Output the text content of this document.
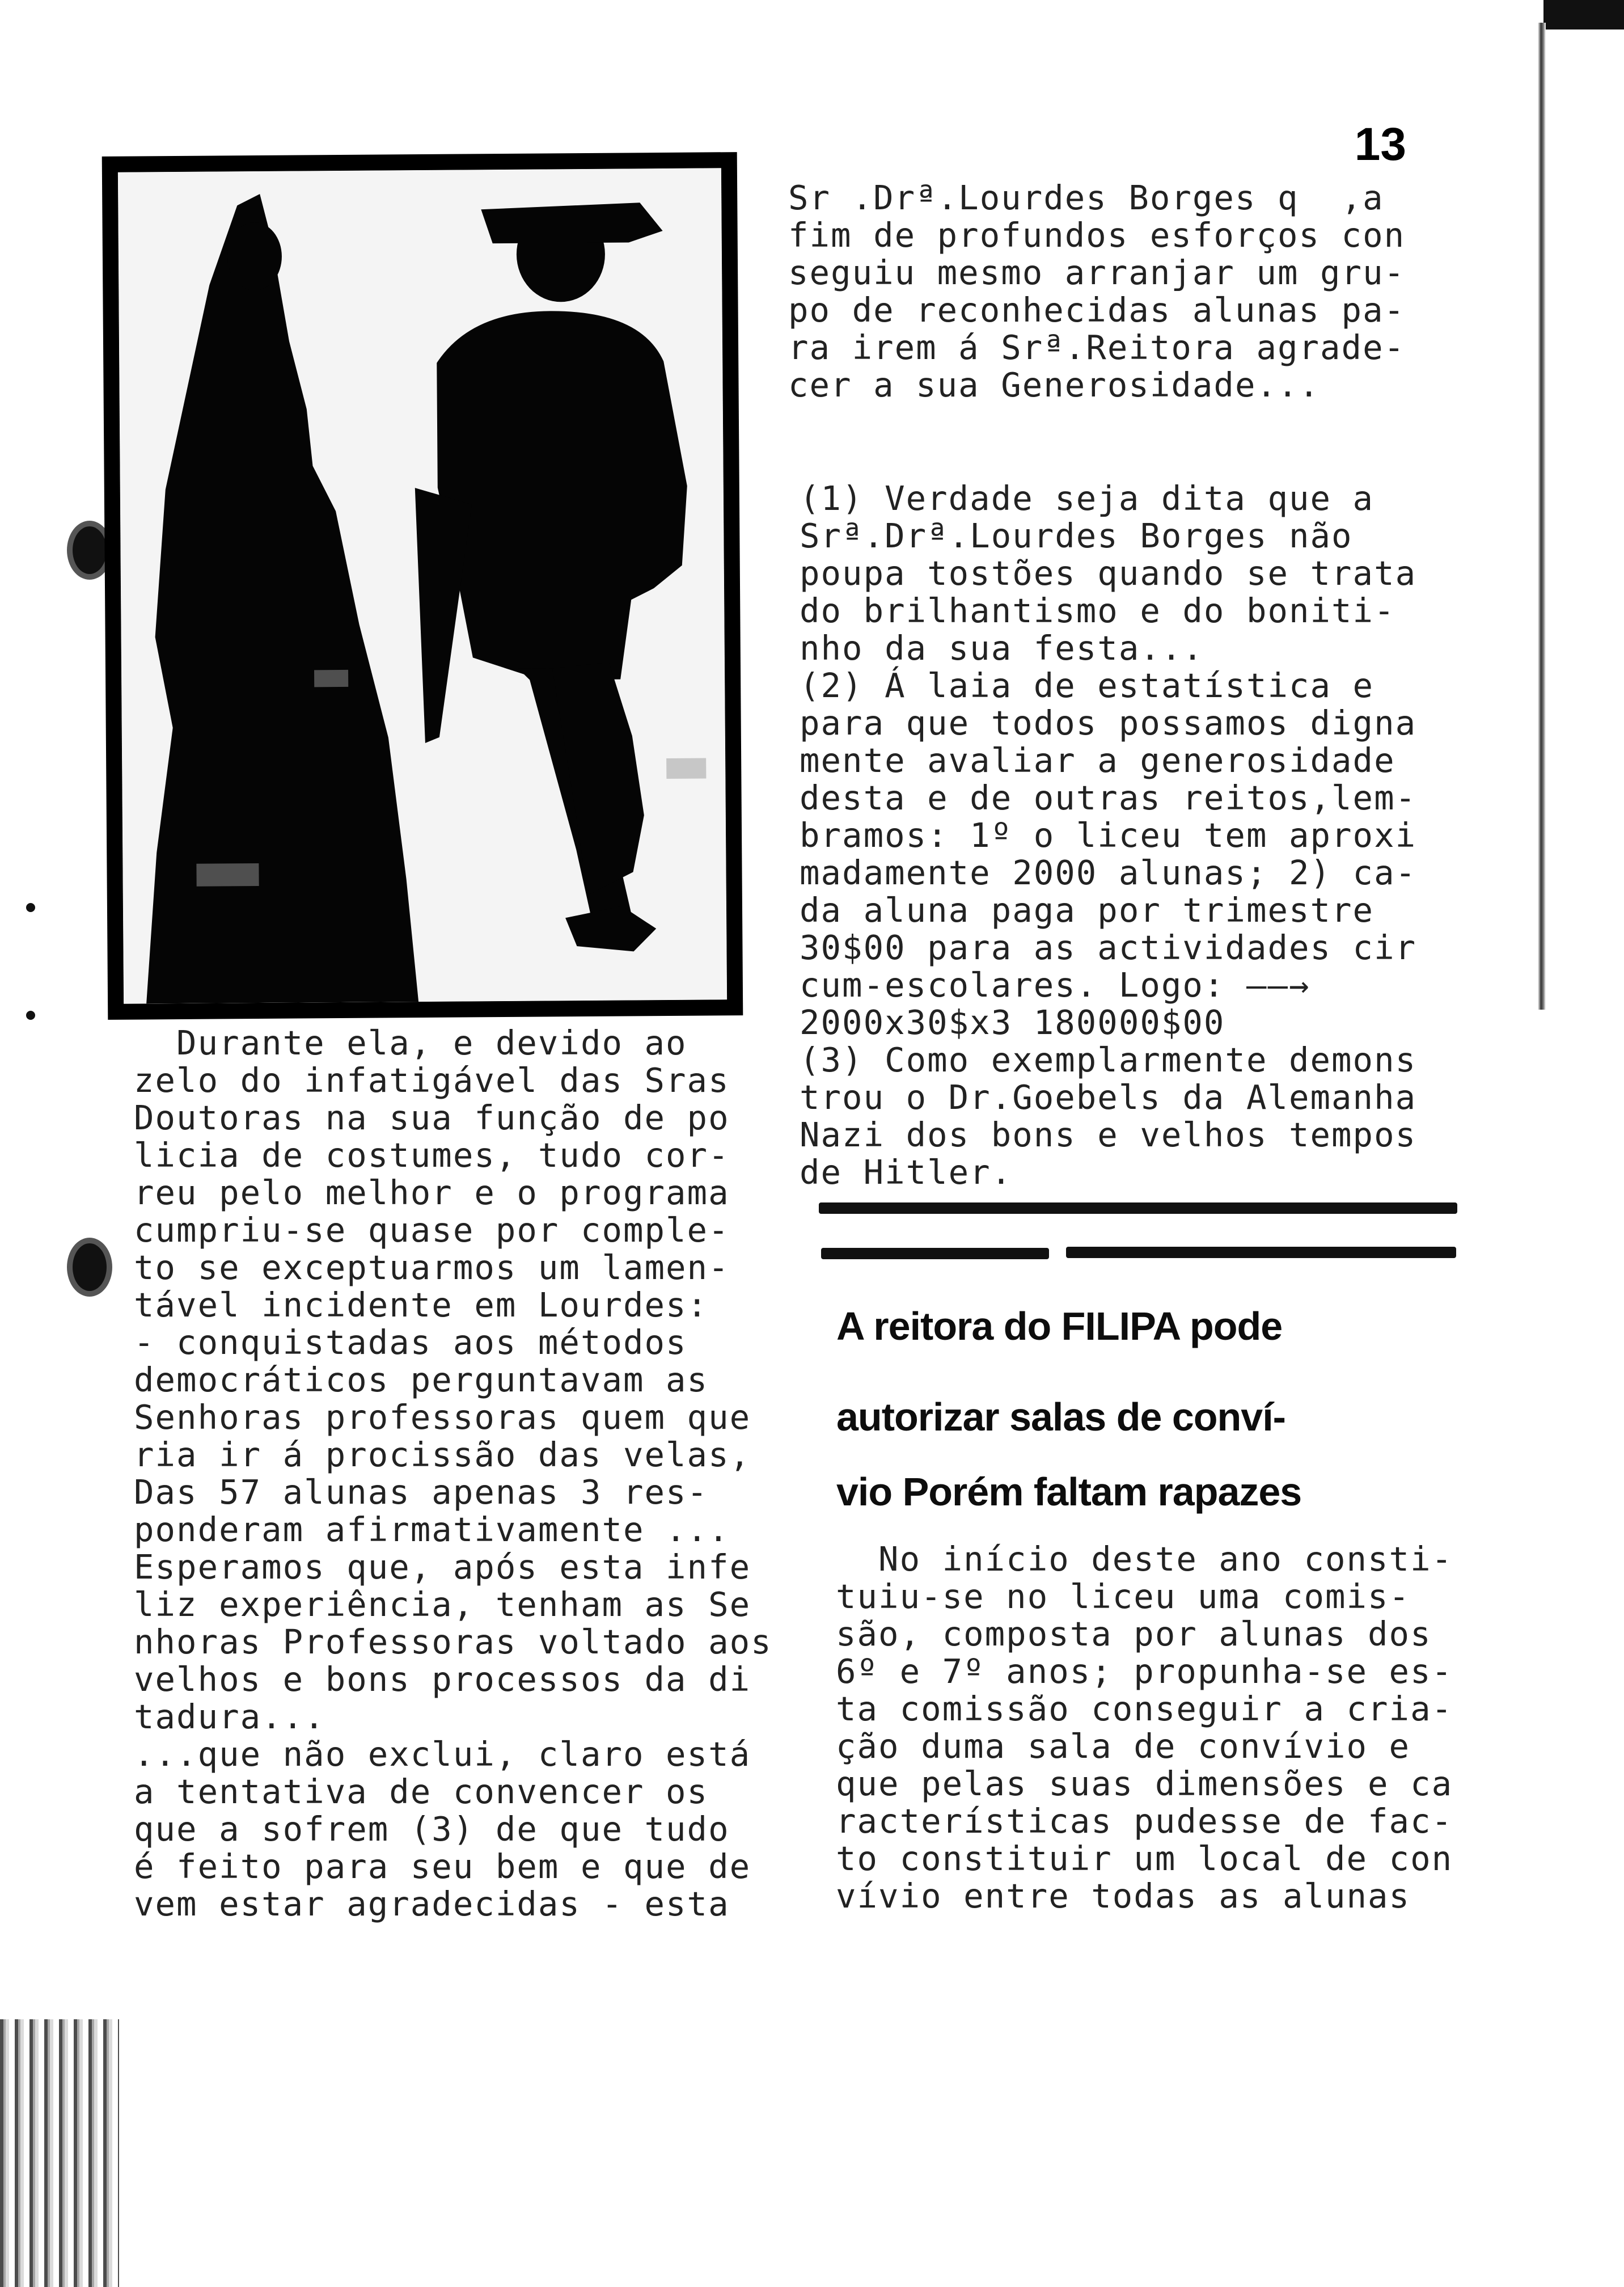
13
Sr .Drª.Lourdes Borges q  ,a
fim de profundos esforços con
seguiu mesmo arranjar um gru-
po de reconhecidas alunas pa-
ra irem á Srª.Reitora agrade-
cer a sua Generosidade...
(1) Verdade seja dita que a
Srª.Drª.Lourdes Borges não
poupa tostões quando se trata
do brilhantismo e do boniti-
nho da sua festa...
(2) Á laia de estatística e
para que todos possamos digna
mente avaliar a generosidade
desta e de outras reitos,lem-
bramos: 1º o liceu tem aproxi
madamente 2000 alunas; 2) ca-
da aluna paga por trimestre
30$00 para as actividades cir
cum-escolares. Logo: ——→
2000x30$x3 180000$00
(3) Como exemplarmente demons
trou o Dr.Goebels da Alemanha
Nazi dos bons e velhos tempos
de Hitler.
Durante ela, e devido ao
zelo do infatigável das Sras
Doutoras na sua função de po
licia de costumes, tudo cor-
reu pelo melhor e o programa
cumpriu-se quase por comple-
to se exceptuarmos um lamen-
tável incidente em Lourdes:
- conquistadas aos métodos
democráticos perguntavam as
Senhoras professoras quem que
ria ir á procissão das velas,
Das 57 alunas apenas 3 res-
ponderam afirmativamente ...
Esperamos que, após esta infe
liz experiência, tenham as Se
nhoras Professoras voltado aos
velhos e bons processos da di
tadura...
...que não exclui, claro está
a tentativa de convencer os
que a sofrem (3) de que tudo
é feito para seu bem e que de
vem estar agradecidas - esta
A reitora do FILIPA pode
autorizar salas de conví-
vio Porém faltam rapazes
No início deste ano consti-
tuiu-se no liceu uma comis-
são, composta por alunas dos
6º e 7º anos; propunha-se es-
ta comissão conseguir a cria-
ção duma sala de convívio e
que pelas suas dimensões e ca
racterísticas pudesse de fac-
to constituir um local de con
vívio entre todas as alunas
